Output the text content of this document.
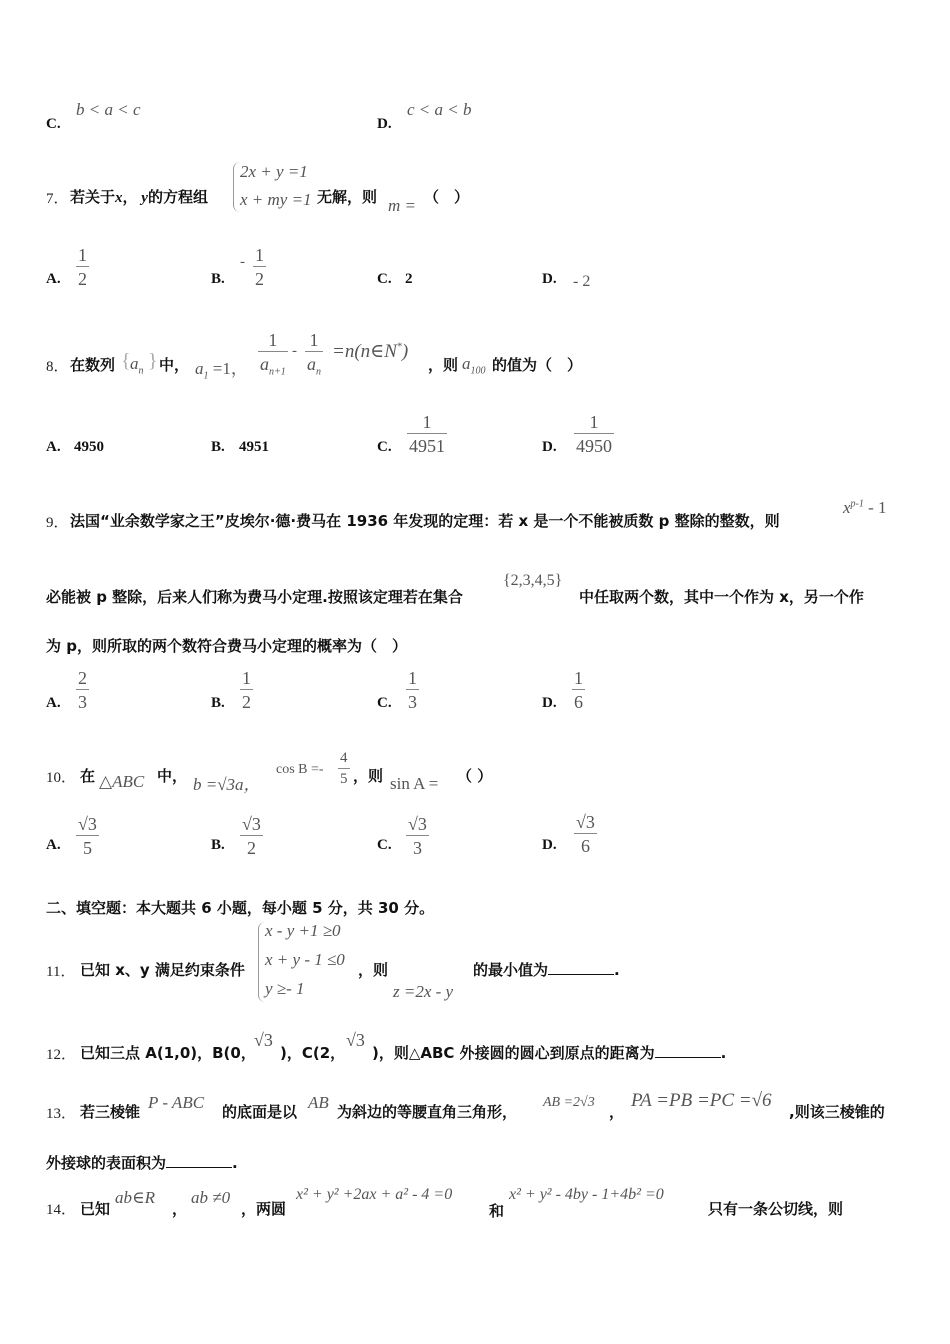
C.
b < a < c
D.
c < a < b
7． 若关于x， y的方程组
2x + y =1
x + my =1 无解，则 m = （　）
A.
1
2	B.
- 1
2	C. 2	D. - 2
8． 在数列 { $a_n$ } 中， $a_1 =1$，
1
$a_{n+1}$
-
1
$a_n$
=n(n∈N*)
，则 $a_{100}$ 的值为（　）
A. 4950	B. 4951	C.
1
4951	D.
1
4950
9． 法国“业余数学家之王”皮埃尔·德·费马在 1936 年发现的定理：若 x 是一个不能被质数 p 整除的整数，则
$x^{p-1} - 1$
必能被 p 整除，后来人们称为费马小定理.按照该定理若在集合
{2,3,4,5}
中任取两个数，其中一个作为 x，另一个作
为 p，则所取的两个数符合费马小定理的概率为（　）
A.
2
3	B.
1
2	C.
1
3	D.
1
6
10． 在 △ABC 中， b =√3a，
cos B =-
4
5 ，则 sin A = （ ）
A.
√3
5	B.
√3
2	C.
√3
3	D.
√3
6
二、填空题：本大题共 6 小题，每小题 5 分，共 30 分。
11． 已知 x、y 满足约束条件
x - y +1 ≥0
x + y - 1 ≤0
y ≥- 1
，则
z =2x - y
的最小值为	.
12． 已知三点 A(1,0)，B(0，
√3
)，C(2，
√3
)，则△ABC 外接圆的圆心到原点的距离为	.
13． 若三棱锥 P - ABC 的底面是以 AB 为斜边的等腰直角三角形，
AB =2√3
，
PA =PB =PC =√6
,则该三棱锥的
外接球的表面积为	.
14． 已知
ab∈R
，
ab ≠0
，两圆
x² + y² +2ax + a² - 4 =0
和
x² + y² - 4by - 1+4b² =0
只有一条公切线，则
